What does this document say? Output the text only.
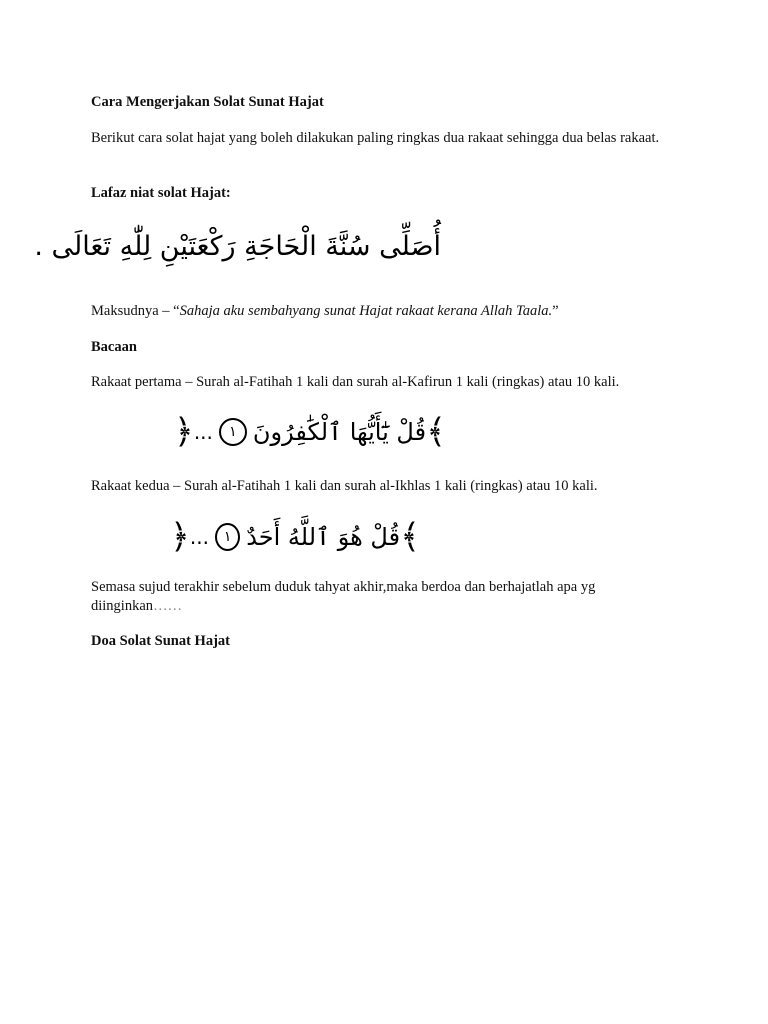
Cara Mengerjakan Solat Sunat Hajat

Berikut cara solat hajat yang boleh dilakukan paling ringkas dua rakaat sehingga dua belas rakaat.

Lafaz niat solat Hajat:

أُصَلِّى سُنَّةَ الْحَاجَةِ رَكْعَتَيْنِ لِلّٰهِ تَعَالَى .

Maksudnya – “Sahaja aku sembahyang sunat Hajat rakaat kerana Allah Taala.”

Bacaan

Rakaat pertama – Surah al-Fatihah 1 kali dan surah al-Kafirun 1 kali (ringkas) atau 10 kali.

﴾
قُلْ يَٰٓأَيُّهَا ٱلْكَٰفِرُونَ
١
...
﴿

Rakaat kedua – Surah al-Fatihah 1 kali dan surah al-Ikhlas 1 kali (ringkas) atau 10 kali.

﴾
قُلْ هُوَ ٱللَّهُ أَحَدٌ
١
...
﴿

Semasa sujud terakhir sebelum duduk tahyat akhir,maka berdoa dan berhajatlah apa yg diinginkan……

Doa Solat Sunat Hajat
